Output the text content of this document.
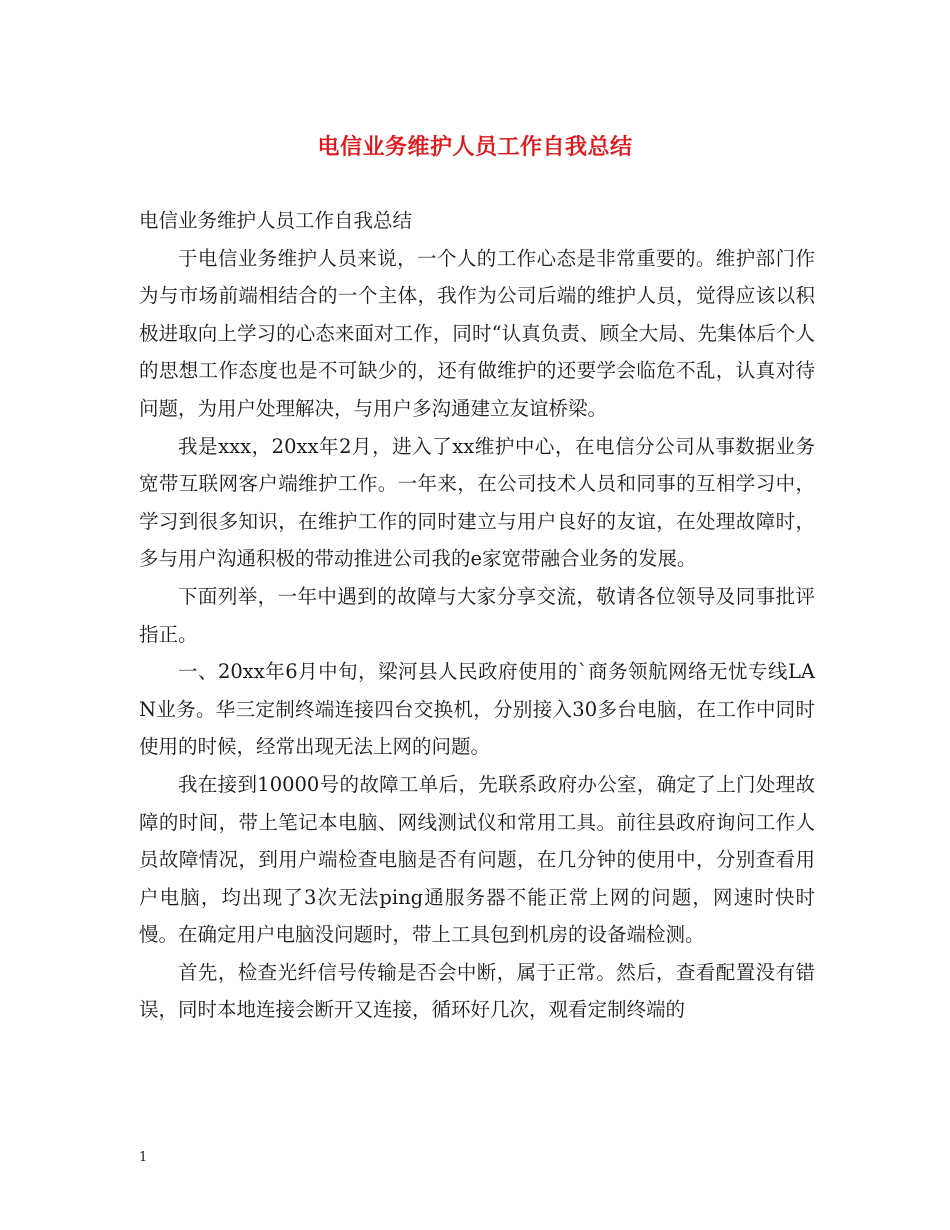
电信业务维护人员工作自我总结

电信业务维护人员工作自我总结

于电信业务维护人员来说，一个人的工作心态是非常重要的。维护部门作为与市场前端相结合的一个主体，我作为公司后端的维护人员，觉得应该以积极进取向上学习的心态来面对工作，同时“认真负责、顾全大局、先集体后个人的思想工作态度也是不可缺少的，还有做维护的还要学会临危不乱，认真对待问题，为用户处理解决，与用户多沟通建立友谊桥梁。

我是xxx，20xx年2月，进入了xx维护中心，在电信分公司从事数据业务宽带互联网客户端维护工作。一年来，在公司技术人员和同事的互相学习中，学习到很多知识，在维护工作的同时建立与用户良好的友谊，在处理故障时，多与用户沟通积极的带动推进公司我的e家宽带融合业务的发展。

下面列举，一年中遇到的故障与大家分享交流，敬请各位领导及同事批评指正。

一、20xx年6月中旬，梁河县人民政府使用的`商务领航网络无忧专线LAN业务。华三定制终端连接四台交换机，分别接入30多台电脑，在工作中同时使用的时候，经常出现无法上网的问题。

我在接到10000号的故障工单后，先联系政府办公室，确定了上门处理故障的时间，带上笔记本电脑、网线测试仪和常用工具。前往县政府询问工作人员故障情况，到用户端检查电脑是否有问题，在几分钟的使用中，分别查看用户电脑，均出现了3次无法ping通服务器不能正常上网的问题，网速时快时慢。在确定用户电脑没问题时，带上工具包到机房的设备端检测。

首先，检查光纤信号传输是否会中断，属于正常。然后，查看配置没有错误，同时本地连接会断开又连接，循环好几次，观看定制终端的

1
